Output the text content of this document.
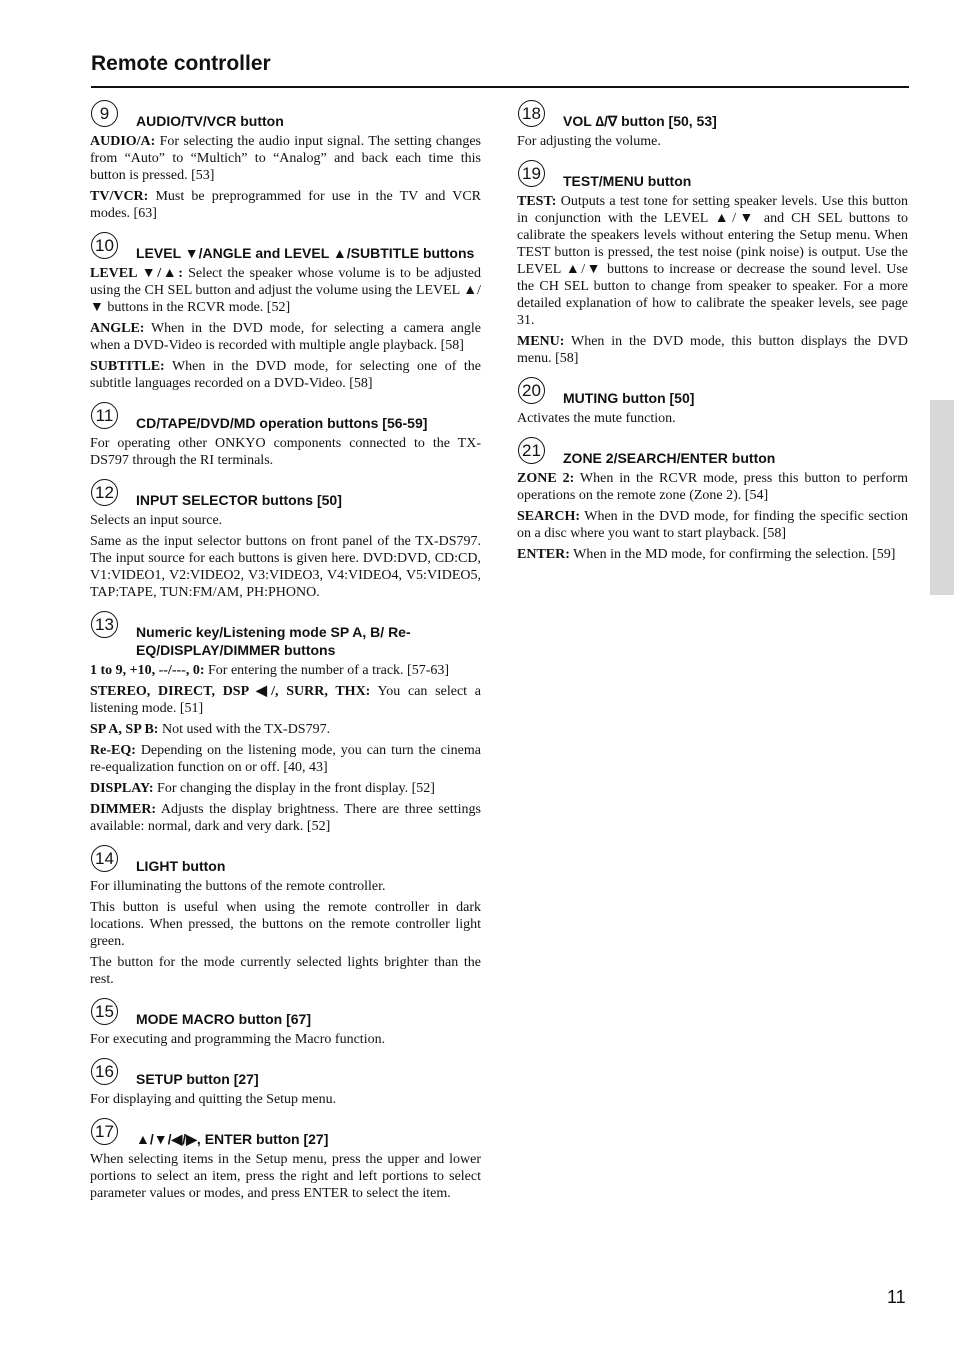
Remote controller
9	AUDIO/TV/VCR button

AUDIO/A: For selecting the audio input signal. The setting changes from “Auto” to “Multich” to “Analog” and back each time this button is pressed. [53]

TV/VCR: Must be preprogrammed for use in the TV and VCR modes. [63]

10 LEVEL ▼/ANGLE and LEVEL ▲/SUBTITLE buttons

LEVEL ▼/▲: Select the speaker whose volume is to be adjusted using the CH SEL button and adjust the volume using the LEVEL ▲/▼ buttons in the RCVR mode. [52]

ANGLE: When in the DVD mode, for selecting a camera angle when a DVD-Video is recorded with multiple angle playback. [58]

SUBTITLE: When in the DVD mode, for selecting one of the subtitle languages recorded on a DVD-Video. [58]

11	CD/TAPE/DVD/MD operation buttons [56-59]

For operating other ONKYO components connected to the TX-DS797 through the RI terminals.

12 INPUT SELECTOR buttons [50]

Selects an input source.

Same as the input selector buttons on front panel of the TX-DS797. The input source for each buttons is given here. DVD:DVD, CD:CD, V1:VIDEO1, V2:VIDEO2, V3:VIDEO3, V4:VIDEO4, V5:VIDEO5, TAP:TAPE, TUN:FM/AM, PH:PHONO.

13 Numeric key/Listening mode SP A, B/ Re-EQ/DISPLAY/DIMMER buttons

1 to 9, +10, --/---, 0: For entering the number of a track. [57-63]

STEREO, DIRECT, DSP ◀/, SURR, THX: You can select a listening mode. [51]

SP A, SP B: Not used with the TX-DS797.

Re-EQ: Depending on the listening mode, you can turn the cinema re-equalization function on or off. [40, 43]

DISPLAY: For changing the display in the front display. [52]

DIMMER: Adjusts the display brightness. There are three settings available: normal, dark and very dark. [52]

14 LIGHT button

For illuminating the buttons of the remote controller.

This button is useful when using the remote controller in dark locations. When pressed, the buttons on the remote controller light green.

The button for the mode currently selected lights brighter than the rest.

15 MODE MACRO button [67]

For executing and programming the Macro function.

16 SETUP button [27]

For displaying and quitting the Setup menu.

17 ▲/▼/◀/▶, ENTER button [27]

When selecting items in the Setup menu, press the upper and lower portions to select an item, press the right and left portions to select parameter values or modes, and press ENTER to select the item.

18 VOL ∆/∇ button [50, 53]

For adjusting the volume.

19 TEST/MENU button

TEST: Outputs a test tone for setting speaker levels. Use this button in conjunction with the LEVEL ▲/▼ and CH SEL buttons to calibrate the speakers levels without entering the Setup menu. When TEST button is pressed, the test noise (pink noise) is output. Use the LEVEL ▲/▼ buttons to increase or decrease the sound level. Use the CH SEL button to change from speaker to speaker. For a more detailed explanation of how to calibrate the speaker levels, see page 31.

MENU: When in the DVD mode, this button displays the DVD menu. [58]

20 MUTING button [50]

Activates the mute function.

21 ZONE 2/SEARCH/ENTER button

ZONE 2: When in the RCVR mode, press this button to perform operations on the remote zone (Zone 2). [54]

SEARCH: When in the DVD mode, for finding the specific section on a disc where you want to start playback. [58]

ENTER: When in the MD mode, for confirming the selection. [59]

11
